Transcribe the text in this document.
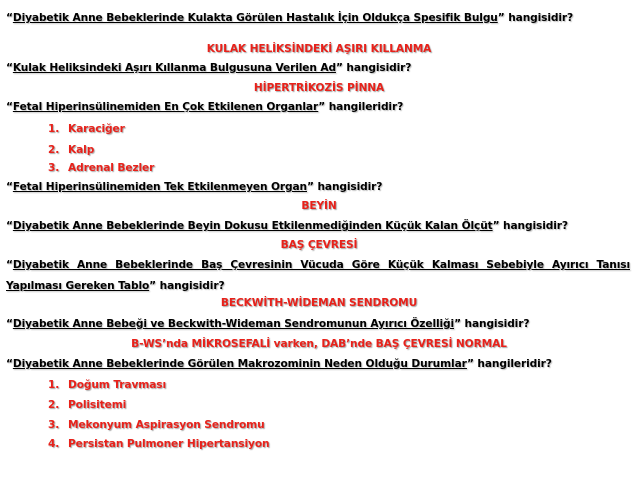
“Diyabetik Anne Bebeklerinde Kulakta Görülen Hastalık İçin Oldukça Spesifik Bulgu” hangisidir?
KULAK HELİKSİNDEKİ AŞIRI KILLANMA
“Kulak Heliksindeki Aşırı Kıllanma Bulgusuna Verilen Ad” hangisidir?
HİPERTRİKOZİS PİNNA
“Fetal Hiperinsülinemiden En Çok Etkilenen Organlar” hangileridir?
1. Karaciğer
2. Kalp
3. Adrenal Bezler
“Fetal Hiperinsülinemiden Tek Etkilenmeyen Organ” hangisidir?
BEYİN
“Diyabetik Anne Bebeklerinde Beyin Dokusu Etkilenmediğinden Küçük Kalan Ölçüt” hangisidir?
BAŞ ÇEVRESİ
“Diyabetik Anne Bebeklerinde Baş Çevresinin Vücuda Göre Küçük Kalması Sebebiyle Ayırıcı Tanısı Yapılması Gereken Tablo” hangisidir?
BECKWİTH-WİDEMAN SENDROMU
“Diyabetik Anne Bebeği ve Beckwith-Wideman Sendromunun Ayırıcı Özelliği” hangisidir?
B-WS’nda MİKROSEFALİ varken, DAB’nde BAŞ ÇEVRESİ NORMAL
“Diyabetik Anne Bebeklerinde Görülen Makrozominin Neden Olduğu Durumlar” hangileridir?
1. Doğum Travması
2. Polisitemi
3. Mekonyum Aspirasyon Sendromu
4. Persistan Pulmoner Hipertansiyon
